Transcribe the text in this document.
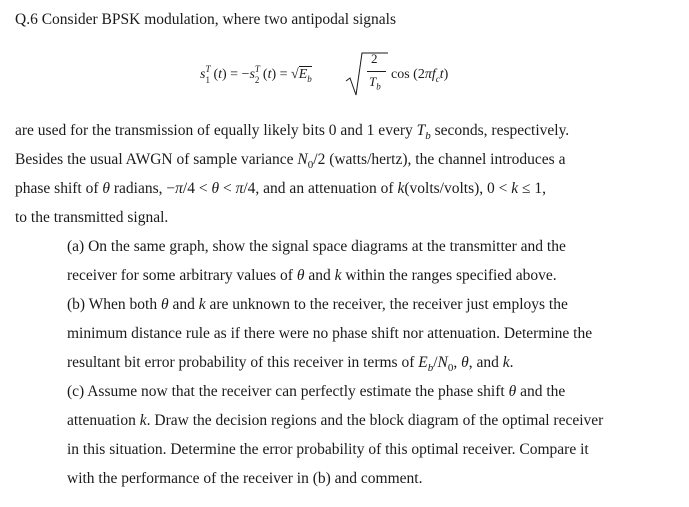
Q.6 Consider BPSK modulation, where two antipodal signals
s T
1 ( t ) = − s T
2 ( t ) = $√E_b$
2
$T_b$
$\cos (2\pi f_ct)$
are used for the transmission of equally likely bits 0 and 1 every $T_b$ seconds, respectively.
Besides the usual AWGN of sample variance $N_0/2$ (watts/hertz), the channel introduces a
phase shift of θ radians, −π/4 < θ < π/4, and an attenuation of k(volts/volts), 0 < k ≤ 1,
to the transmitted signal.
(a) On the same graph, show the signal space diagrams at the transmitter and the
receiver for some arbitrary values of θ and k within the ranges specified above.
(b) When both θ and k are unknown to the receiver, the receiver just employs the
minimum distance rule as if there were no phase shift nor attenuation. Determine the
resultant bit error probability of this receiver in terms of $E_b/N_0$, θ, and k.
(c) Assume now that the receiver can perfectly estimate the phase shift θ and the
attenuation k. Draw the decision regions and the block diagram of the optimal receiver
in this situation. Determine the error probability of this optimal receiver. Compare it
with the performance of the receiver in (b) and comment.
